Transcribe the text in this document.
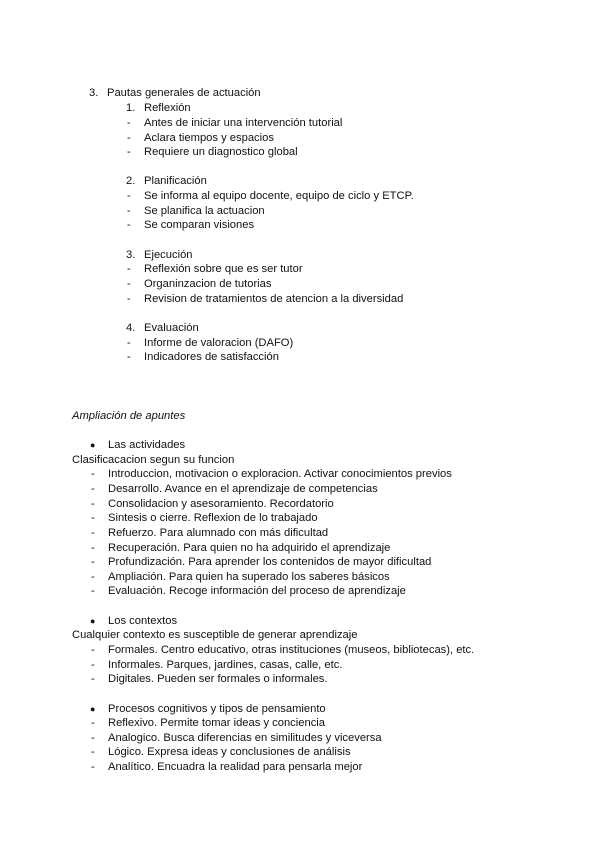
3. Pautas generales de actuación
1. Reflexión
- Antes de iniciar una intervención tutorial
- Aclara tiempos y espacios
- Requiere un diagnostico global
2. Planificación
- Se informa al equipo docente, equipo de ciclo y ETCP.
- Se planifica la actuacion
- Se comparan visiones
3. Ejecución
- Reflexión sobre que es ser tutor
- Organinzacion de tutorias
- Revision de tratamientos de atencion a la diversidad
4. Evaluación
- Informe de valoracion (DAFO)
- Indicadores de satisfacción
Ampliación de apuntes
● Las actividades
Clasificacacion segun su funcion
- Introduccion, motivacion o exploracion. Activar conocimientos previos
- Desarrollo. Avance en el aprendizaje de competencias
- Consolidacion y asesoramiento. Recordatorio
- Sintesis o cierre. Reflexion de lo trabajado
- Refuerzo. Para alumnado con más dificultad
- Recuperación. Para quien no ha adquirido el aprendizaje
- Profundización. Para aprender los contenidos de mayor dificultad
- Ampliación. Para quien ha superado los saberes básicos
- Evaluación. Recoge información del proceso de aprendizaje
● Los contextos
Cualquier contexto es susceptible de generar aprendizaje
- Formales. Centro educativo, otras instituciones (museos, bibliotecas), etc.
- Informales. Parques, jardines, casas, calle, etc.
- Digitales. Pueden ser formales o informales.
● Procesos cognitivos y tipos de pensamiento
- Reflexivo. Permite tomar ideas y conciencia
- Analogico. Busca diferencias en similitudes y viceversa
- Lógico. Expresa ideas y conclusiones de análisis
- Analítico. Encuadra la realidad para pensarla mejor
